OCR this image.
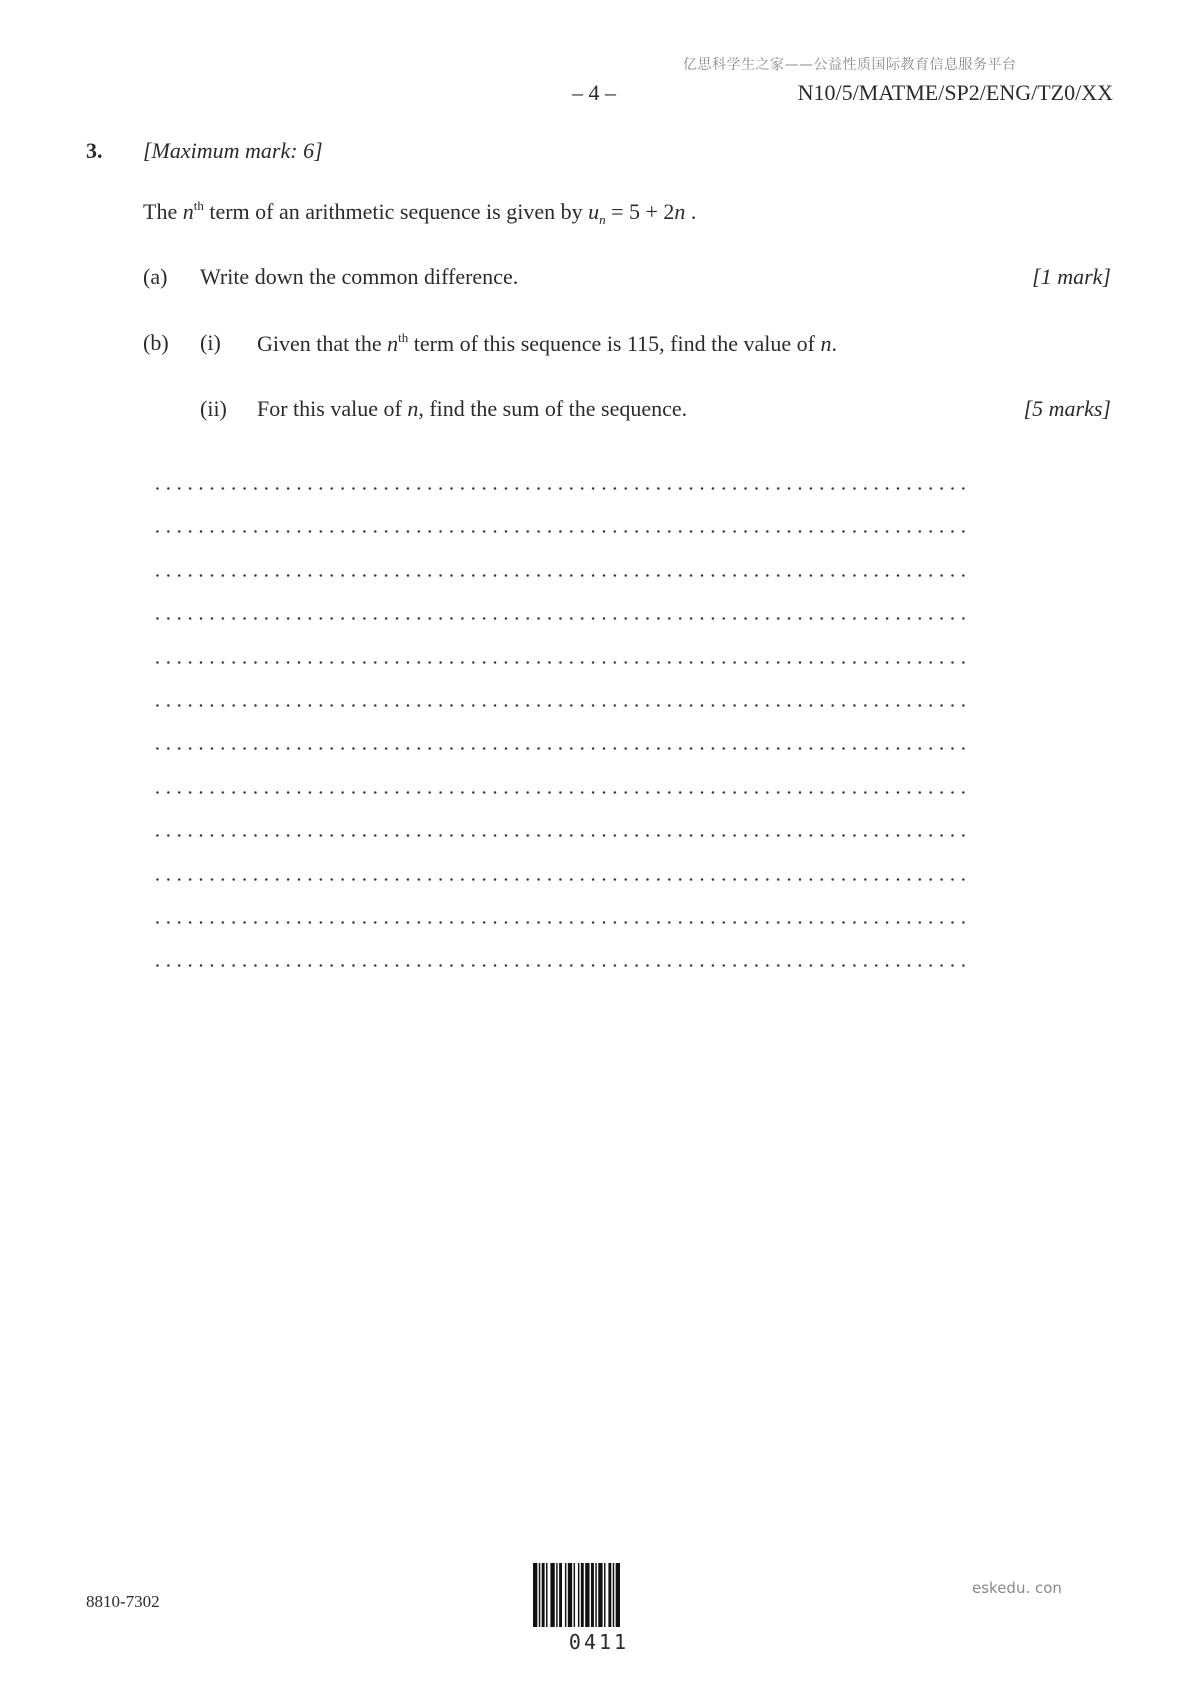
亿思科学生之家——公益性质国际教育信息服务平台
– 4 –	N10/5/MATME/SP2/ENG/TZ0/XX
3. [Maximum mark: 6]
The $n^{th}$ term of an arithmetic sequence is given by $u_n = 5 + 2n$ .
(a) Write down the common difference.	[1 mark]
(b) (i) Given that the $n^{th}$ term of this sequence is 115, find the value of n.
(ii) For this value of n, find the sum of the sequence.	[5 marks]
8810-7302
0411
eskedu. con
